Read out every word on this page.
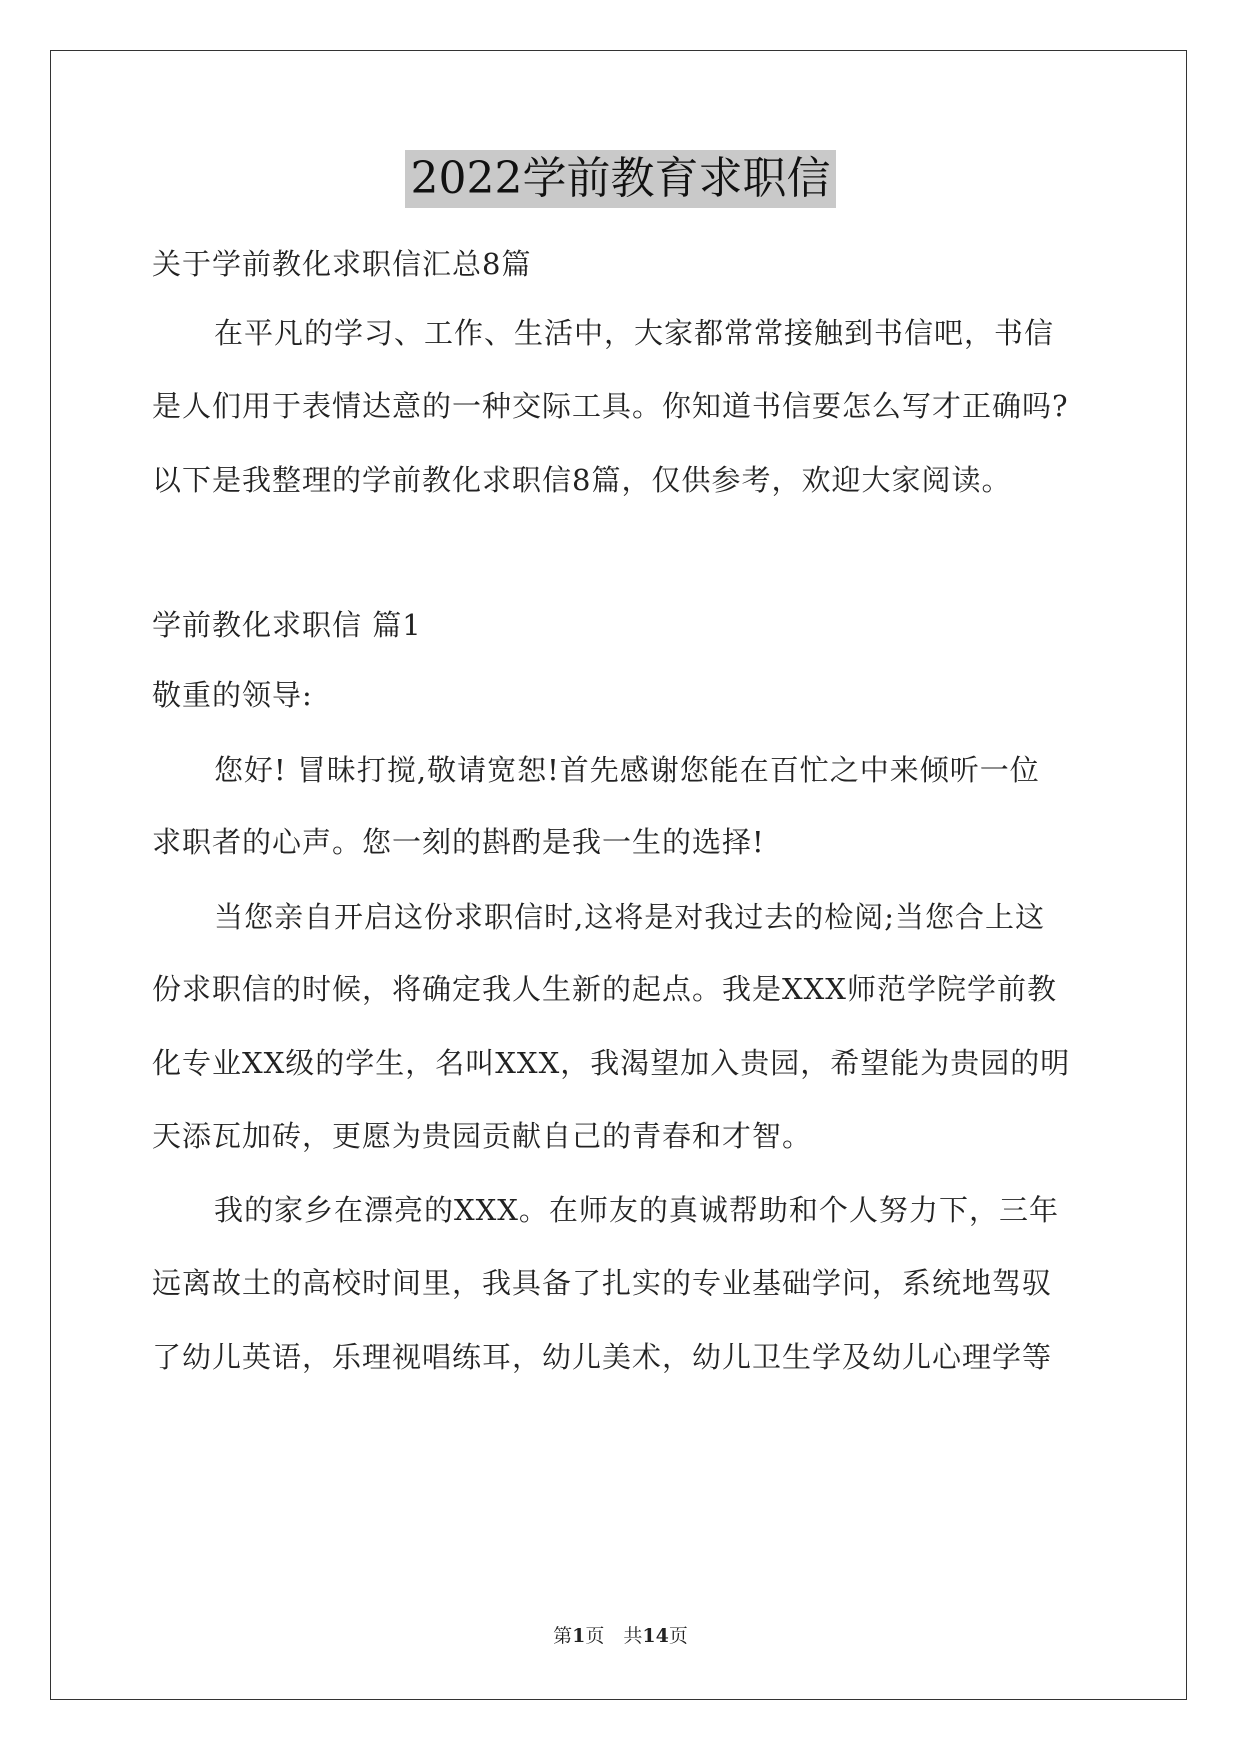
2022学前教育求职信
关于学前教化求职信汇总8篇
在平凡的学习、工作、生活中，大家都常常接触到书信吧，书信
是人们用于表情达意的一种交际工具。你知道书信要怎么写才正确吗?
以下是我整理的学前教化求职信8篇，仅供参考，欢迎大家阅读。
学前教化求职信 篇1
敬重的领导:
您好! 冒昧打搅,敬请宽恕!首先感谢您能在百忙之中来倾听一位
求职者的心声。您一刻的斟酌是我一生的选择!
当您亲自开启这份求职信时,这将是对我过去的检阅;当您合上这
份求职信的时候，将确定我人生新的起点。我是XXX师范学院学前教
化专业XX级的学生，名叫XXX，我渴望加入贵园，希望能为贵园的明
天添瓦加砖，更愿为贵园贡献自己的青春和才智。
我的家乡在漂亮的XXX。在师友的真诚帮助和个人努力下，三年
远离故土的高校时间里，我具备了扎实的专业基础学问，系统地驾驭
了幼儿英语，乐理视唱练耳，幼儿美术，幼儿卫生学及幼儿心理学等
第1页　共14页
